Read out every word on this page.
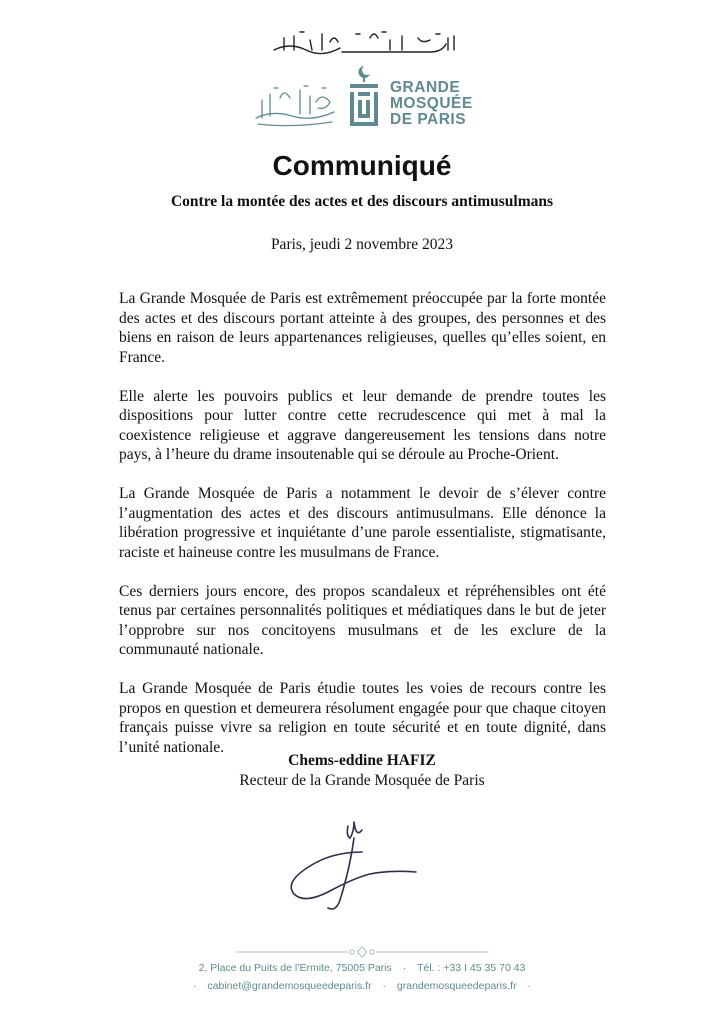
GRANDE
MOSQUÉE
DE PARIS
Communiqué
Contre la montée des actes et des discours antimusulmans
Paris, jeudi 2 novembre 2023

La Grande Mosquée de Paris est extrêmement préoccupée par la forte montée des actes et des discours portant atteinte à des groupes, des personnes et des biens en raison de leurs appartenances religieuses, quelles qu’elles soient, en France.

Elle alerte les pouvoirs publics et leur demande de prendre toutes les dispositions pour lutter contre cette recrudescence qui met à mal la coexistence religieuse et aggrave dangereusement les tensions dans notre pays, à l’heure du drame insoutenable qui se déroule au Proche-Orient.

La Grande Mosquée de Paris a notamment le devoir de s’élever contre l’augmentation des actes et des discours antimusulmans. Elle dénonce la libération progressive et inquiétante d’une parole essentialiste, stigmatisante, raciste et haineuse contre les musulmans de France.

Ces derniers jours encore, des propos scandaleux et répréhensibles ont été tenus par certaines personnalités politiques et médiatiques dans le but de jeter l’opprobre sur nos concitoyens musulmans et de les exclure de la communauté nationale.

La Grande Mosquée de Paris étudie toutes les voies de recours contre les propos en question et demeurera résolument engagée pour que chaque citoyen français puisse vivre sa religion en toute sécurité et en toute dignité, dans l’unité nationale.

Chems-eddine HAFIZ
Recteur de la Grande Mosquée de Paris
2, Place du Puits de l’Ermite, 75005 Paris · Tél. : +33 I 45 35 70 43
· cabinet@grandemosqueedeparis.fr · grandemosqueedeparis.fr ·
